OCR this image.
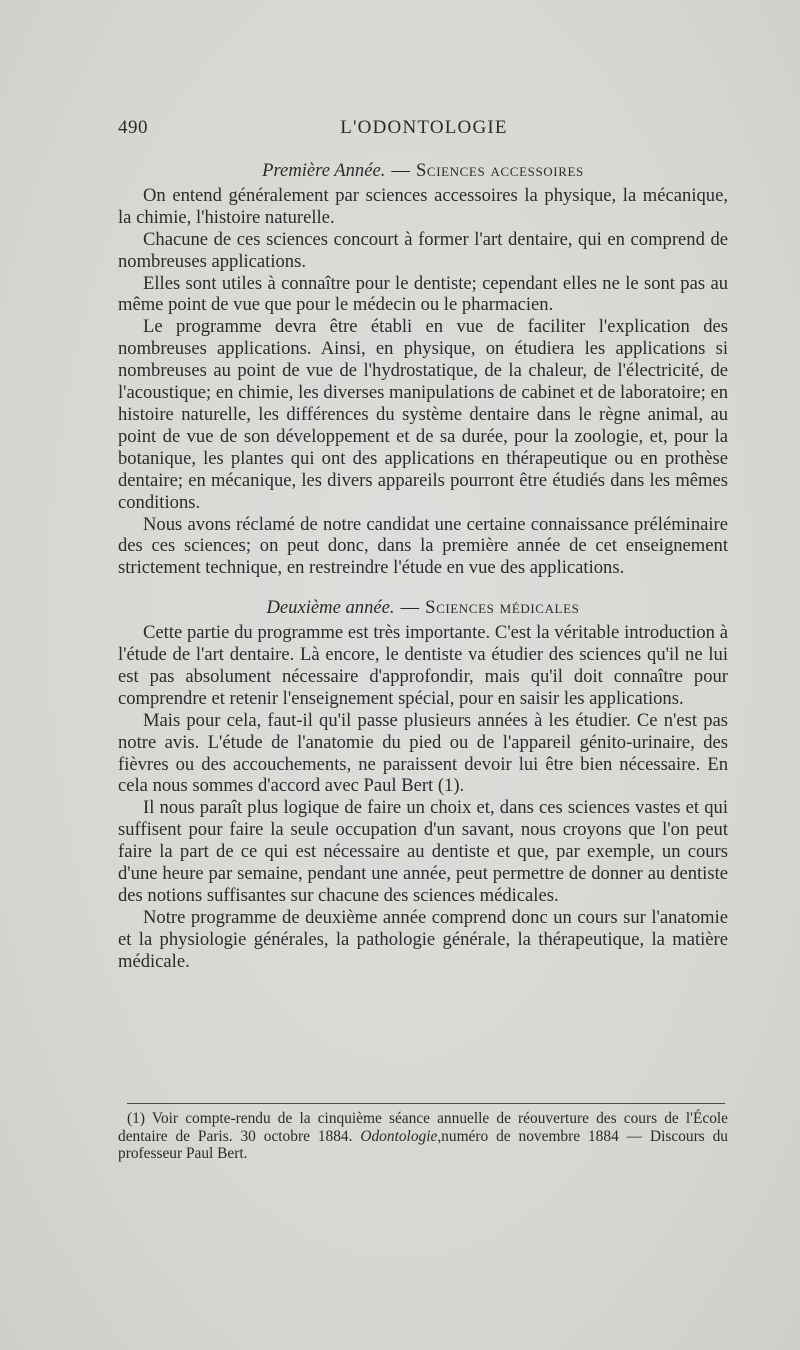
490	L'ODONTOLOGIE
Première Année. — Sciences accessoires

On entend généralement par sciences accessoires la physique, la mécanique, la chimie, l'histoire naturelle.

Chacune de ces sciences concourt à former l'art dentaire, qui en comprend de nombreuses applications.

Elles sont utiles à connaître pour le dentiste; cependant elles ne le sont pas au même point de vue que pour le médecin ou le pharmacien.

Le programme devra être établi en vue de faciliter l'explication des nombreuses applications. Ainsi, en physique, on étudiera les applications si nombreuses au point de vue de l'hydrostatique, de la chaleur, de l'électricité, de l'acoustique; en chimie, les diverses manipulations de cabinet et de laboratoire; en histoire naturelle, les différences du système dentaire dans le règne animal, au point de vue de son développement et de sa durée, pour la zoologie, et, pour la botanique, les plantes qui ont des applications en thérapeutique ou en prothèse dentaire; en mécanique, les divers appareils pourront être étudiés dans les mêmes conditions.

Nous avons réclamé de notre candidat une certaine connaissance préléminaire des ces sciences; on peut donc, dans la première année de cet enseignement strictement technique, en restreindre l'étude en vue des applications.

Deuxième année. — Sciences médicales

Cette partie du programme est très importante. C'est la véritable introduction à l'étude de l'art dentaire. Là encore, le dentiste va étudier des sciences qu'il ne lui est pas absolument nécessaire d'approfondir, mais qu'il doit connaître pour comprendre et retenir l'enseignement spécial, pour en saisir les applications.

Mais pour cela, faut-il qu'il passe plusieurs années à les étudier. Ce n'est pas notre avis. L'étude de l'anatomie du pied ou de l'appareil génito-urinaire, des fièvres ou des accouchements, ne paraissent devoir lui être bien nécessaire. En cela nous sommes d'accord avec Paul Bert (1).

Il nous paraît plus logique de faire un choix et, dans ces sciences vastes et qui suffisent pour faire la seule occupation d'un savant, nous croyons que l'on peut faire la part de ce qui est nécessaire au dentiste et que, par exemple, un cours d'une heure par semaine, pendant une année, peut permettre de donner au dentiste des notions suffisantes sur chacune des sciences médicales.

Notre programme de deuxième année comprend donc un cours sur l'anatomie et la physiologie générales, la pathologie générale, la thérapeutique, la matière médicale.

(1) Voir compte-rendu de la cinquième séance annuelle de réouverture des cours de l'École dentaire de Paris. 30 octobre 1884. Odontologie,numéro de novembre 1884 — Discours du professeur Paul Bert.
